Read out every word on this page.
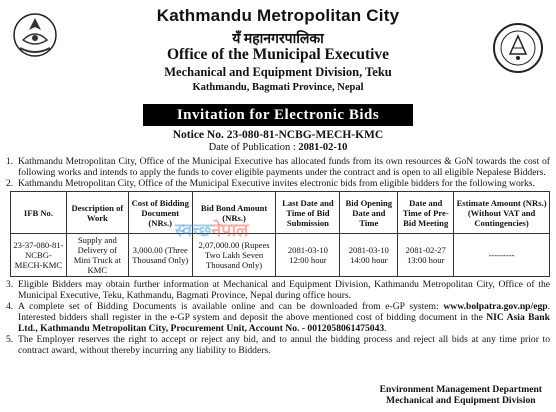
Kathmandu Metropolitan City
यँ महानगरपालिका
Office of the Municipal Executive
Mechanical and Equipment Division, Teku
Kathmandu, Bagmati Province, Nepal
Invitation for Electronic Bids
Notice No. 23-080-81-NCBG-MECH-KMC
Date of Publication : 2081-02-10
1. Kathmandu Metropolitan City, Office of the Municipal Executive has allocated funds from its own resources & GoN towards the cost of following works and intends to apply the funds to cover eligible payments under the contract and is open to all eligible Nepalese Bidders.
2. Kathmandu Metropolitan City, Office of the Municipal Executive invites electronic bids from eligible bidders for the following works.
IFB No.	Description of Work	Cost of Bidding Document (NRs.)	Bid Bond Amount (NRs.)	Last Date and Time of Bid Submission	Bid Opening Date and Time	Date and Time of Pre-Bid Meeting	Estimate Amount (NRs.) (Without VAT and Contingencies)
23-37-080-81-NCBG-MECH-KMC	Supply and Delivery of Mini Truck at KMC	3,000.00 (Three Thousand Only)	2,07,000.00 (Rupees Two Lakh Seven Thousand Only)	2081-03-10 12:00 hour	2081-03-10 14:00 hour	2081-02-27 13:00 hour	---------
3. Eligible Bidders may obtain further information at Mechanical and Equipment Division, Kathmandu Metropolitan City, Office of the Municipal Executive, Teku, Kathmandu, Bagmati Province, Nepal during office hours.
4. A complete set of Bidding Documents is available online and can be downloaded from e-GP system: www.bolpatra.gov.np/egp. Interested bidders shall register in the e-GP system and deposit the above mentioned cost of bidding document in the NIC Asia Bank Ltd., Kathmandu Metropolitan City, Procurement Unit, Account No. - 0012058061475043.
5. The Employer reserves the right to accept or reject any bid, and to annul the bidding process and reject all bids at any time prior to contract award, without thereby incurring any liability to Bidders.
Environment Management Department
Mechanical and Equipment Division
स्वच्छनेपाल
